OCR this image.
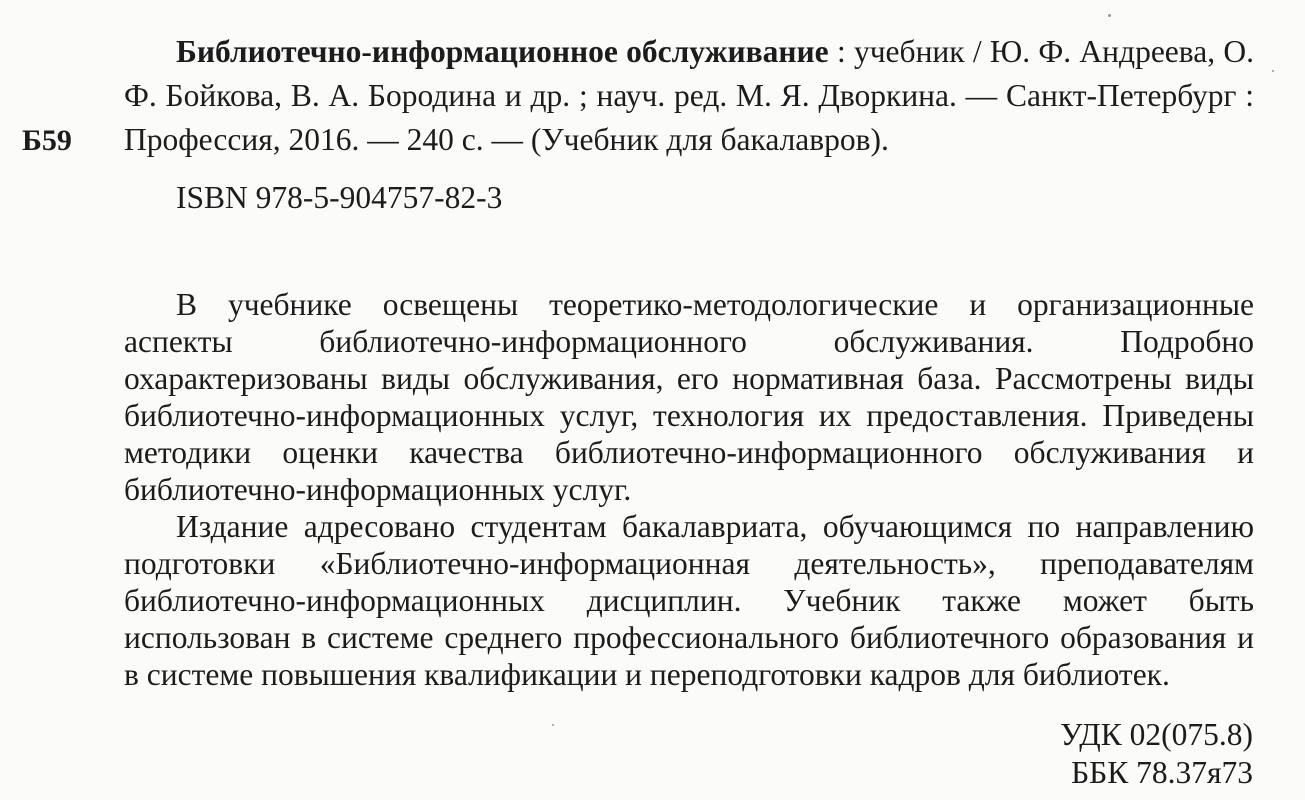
Б59

Библиотечно-информационное обслуживание : учебник / Ю. Ф. Андреева, О. Ф. Бойкова, В. А. Бородина и др. ; науч. ред. М. Я. Дворкина. — Санкт-Петербург : Профессия, 2016. — 240 с. — (Учебник для бакалавров).

ISBN 978-5-904757-82-3

В учебнике освещены теоретико-методологические и организационные аспекты библиотечно-информационного обслуживания. Подробно охарактеризованы виды обслуживания, его нормативная база. Рассмотрены виды библиотечно-информационных услуг, технология их предоставления. Приведены методики оценки качества библиотечно-информационного обслуживания и библиотечно-информационных услуг.

Издание адресовано студентам бакалавриата, обучающимся по направлению подготовки «Библиотечно-информационная деятельность», преподавателям библиотечно-информационных дисциплин. Учебник также может быть использован в системе среднего профессионального библиотечного образования и в системе повышения квалификации и переподготовки кадров для библиотек.

УДК 02(075.8)
ББК 78.37я73
